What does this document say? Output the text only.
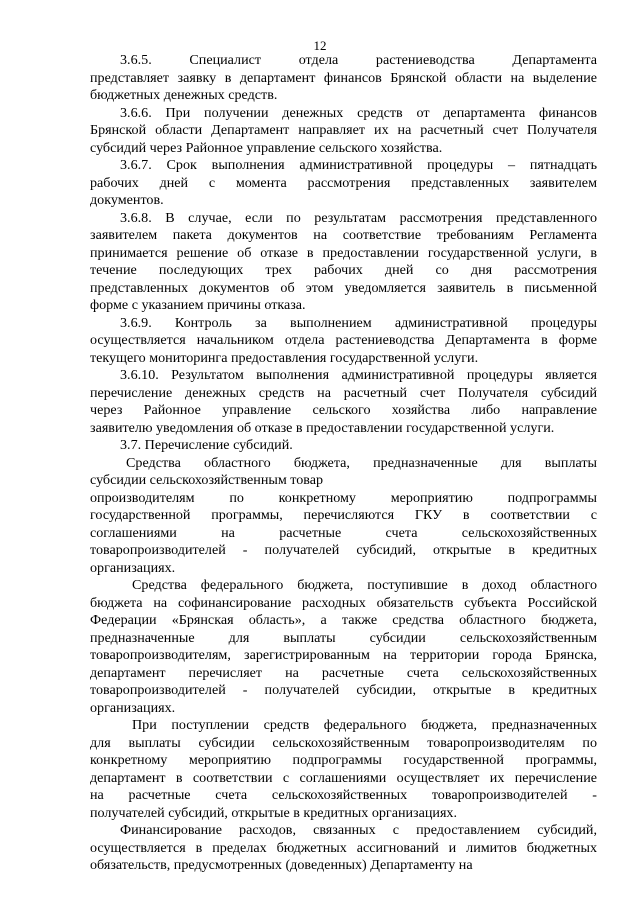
12
3.6.5. Специалист отдела растениеводства Департамента
представляет заявку в департамент финансов Брянской области на выделение
бюджетных денежных средств.
3.6.6. При получении денежных средств от департамента финансов
Брянской области Департамент направляет их на расчетный счет Получателя
субсидий через Районное управление сельского хозяйства.
3.6.7. Срок выполнения административной процедуры – пятнадцать
рабочих дней с момента рассмотрения представленных заявителем
документов.
3.6.8. В случае, если по результатам рассмотрения представленного
заявителем пакета документов на соответствие требованиям Регламента
принимается решение об отказе в предоставлении государственной услуги, в
течение последующих трех рабочих дней со дня рассмотрения
представленных документов об этом уведомляется заявитель в письменной
форме с указанием причины отказа.
3.6.9. Контроль за выполнением административной процедуры
осуществляется начальником отдела растениеводства Департамента в форме
текущего мониторинга предоставления государственной услуги.
3.6.10. Результатом выполнения административной процедуры является
перечисление денежных средств на расчетный счет Получателя субсидий
через Районное управление сельского хозяйства либо направление
заявителю уведомления об отказе в предоставлении государственной услуги.
3.7. Перечисление субсидий.
Средства областного бюджета, предназначенные для выплаты
субсидии сельскохозяйственным товар
опроизводителям по конкретному мероприятию подпрограммы
государственной программы, перечисляются ГКУ в соответствии с
соглашениями на расчетные счета сельскохозяйственных
товаропроизводителей - получателей субсидий, открытые в кредитных
организациях.
Средства федерального бюджета, поступившие в доход областного
бюджета на софинансирование расходных обязательств субъекта Российской
Федерации «Брянская область», а также средства областного бюджета,
предназначенные для выплаты субсидии сельскохозяйственным
товаропроизводителям, зарегистрированным на территории города Брянска,
департамент перечисляет на расчетные счета сельскохозяйственных
товаропроизводителей - получателей субсидии, открытые в кредитных
организациях.
При поступлении средств федерального бюджета, предназначенных
для выплаты субсидии сельскохозяйственным товаропроизводителям по
конкретному мероприятию подпрограммы государственной программы,
департамент в соответствии с соглашениями осуществляет их перечисление
на расчетные счета сельскохозяйственных товаропроизводителей -
получателей субсидий, открытые в кредитных организациях.
Финансирование расходов, связанных с предоставлением субсидий,
осуществляется в пределах бюджетных ассигнований и лимитов бюджетных
обязательств, предусмотренных (доведенных) Департаменту на
